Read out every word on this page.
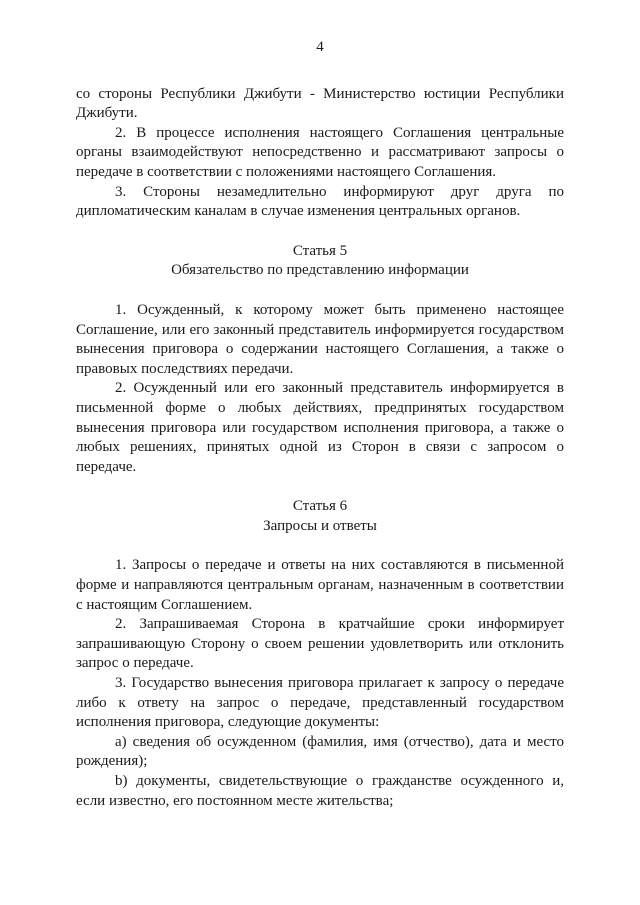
4

со стороны Республики Джибути - Министерство юстиции Республики Джибути.

2. В процессе исполнения настоящего Соглашения центральные органы взаимодействуют непосредственно и рассматривают запросы о передаче в соответствии с положениями настоящего Соглашения.

3. Стороны незамедлительно информируют друг друга по дипломатическим каналам в случае изменения центральных органов.

Статья 5
Обязательство по представлению информации

1. Осужденный, к которому может быть применено настоящее Соглашение, или его законный представитель информируется государством вынесения приговора о содержании настоящего Соглашения, а также о правовых последствиях передачи.

2. Осужденный или его законный представитель информируется в письменной форме о любых действиях, предпринятых государством вынесения приговора или государством исполнения приговора, а также о любых решениях, принятых одной из Сторон в связи с запросом о передаче.

Статья 6
Запросы и ответы

1. Запросы о передаче и ответы на них составляются в письменной форме и направляются центральным органам, назначенным в соответствии с настоящим Соглашением.

2. Запрашиваемая Сторона в кратчайшие сроки информирует запрашивающую Сторону о своем решении удовлетворить или отклонить запрос о передаче.

3. Государство вынесения приговора прилагает к запросу о передаче либо к ответу на запрос о передаче, представленный государством исполнения приговора, следующие документы:

a) сведения об осужденном (фамилия, имя (отчество), дата и место рождения);

b) документы, свидетельствующие о гражданстве осужденного и, если известно, его постоянном месте жительства;
